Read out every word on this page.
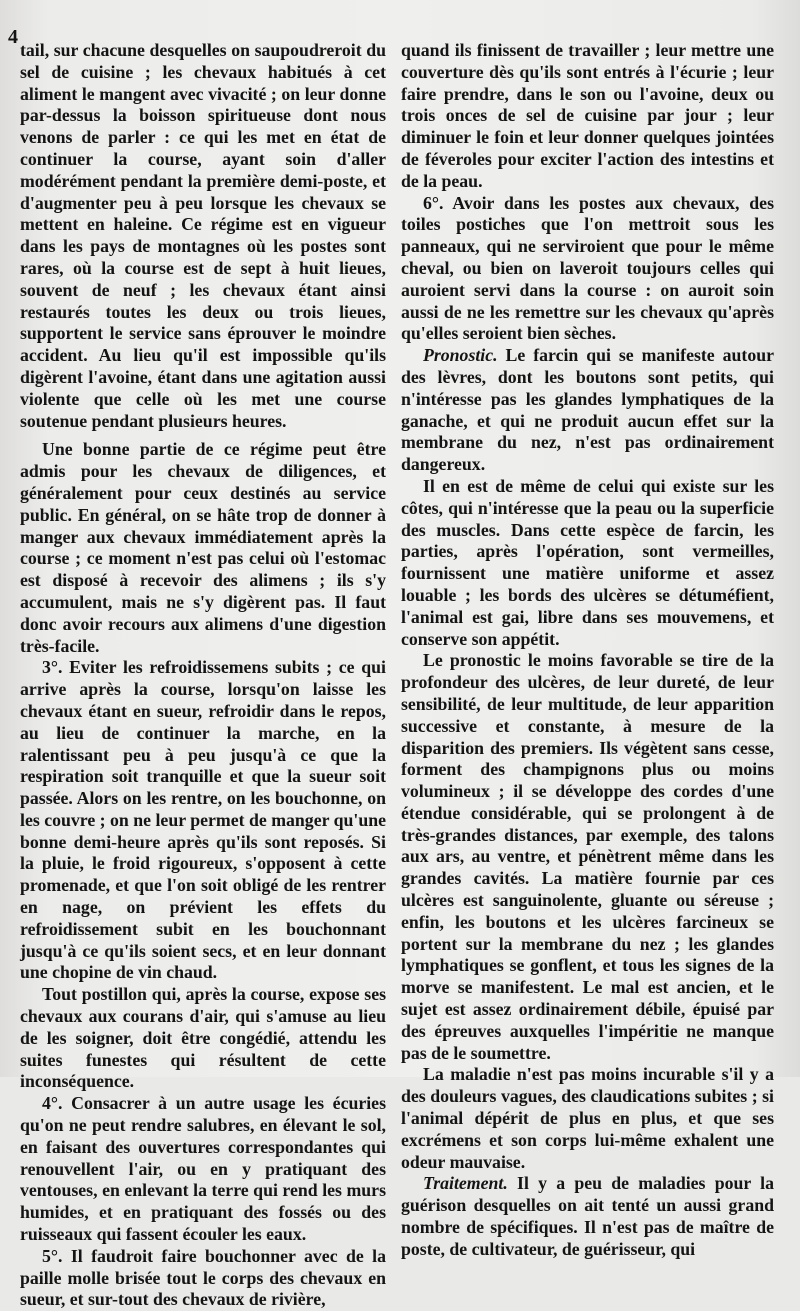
4

tail, sur chacune desquelles on saupoudreroit du sel de cuisine ; les chevaux habitués à cet aliment le mangent avec vivacité ; on leur donne par-dessus la boisson spiritueuse dont nous venons de parler : ce qui les met en état de continuer la course, ayant soin d'aller modérément pendant la première demi-poste, et d'augmenter peu à peu lorsque les chevaux se mettent en haleine. Ce régime est en vigueur dans les pays de montagnes où les postes sont rares, où la course est de sept à huit lieues, souvent de neuf ; les chevaux étant ainsi restaurés toutes les deux ou trois lieues, supportent le service sans éprouver le moindre accident. Au lieu qu'il est impossible qu'ils digèrent l'avoine, étant dans une agitation aussi violente que celle où les met une course soutenue pendant plusieurs heures.

Une bonne partie de ce régime peut être admis pour les chevaux de diligences, et généralement pour ceux destinés au service public. En général, on se hâte trop de donner à manger aux chevaux immédiatement après la course ; ce moment n'est pas celui où l'estomac est disposé à recevoir des alimens ; ils s'y accumulent, mais ne s'y digèrent pas. Il faut donc avoir recours aux alimens d'une digestion très-facile.

3°. Eviter les refroidissemens subits ; ce qui arrive après la course, lorsqu'on laisse les chevaux étant en sueur, refroidir dans le repos, au lieu de continuer la marche, en la ralentissant peu à peu jusqu'à ce que la respiration soit tranquille et que la sueur soit passée. Alors on les rentre, on les bouchonne, on les couvre ; on ne leur permet de manger qu'une bonne demi-heure après qu'ils sont reposés. Si la pluie, le froid rigoureux, s'opposent à cette promenade, et que l'on soit obligé de les rentrer en nage, on prévient les effets du refroidissement subit en les bouchonnant jusqu'à ce qu'ils soient secs, et en leur donnant une chopine de vin chaud.

Tout postillon qui, après la course, expose ses chevaux aux courans d'air, qui s'amuse au lieu de les soigner, doit être congédié, attendu les suites funestes qui résultent de cette inconséquence.

4°. Consacrer à un autre usage les écuries qu'on ne peut rendre salubres, en élevant le sol, en faisant des ouvertures correspondantes qui renouvellent l'air, ou en y pratiquant des ventouses, en enlevant la terre qui rend les murs humides, et en pratiquant des fossés ou des ruisseaux qui fassent écouler les eaux.

5°. Il faudroit faire bouchonner avec de la paille molle brisée tout le corps des chevaux en sueur, et sur-tout des chevaux de rivière,

quand ils finissent de travailler ; leur mettre une couverture dès qu'ils sont entrés à l'écurie ; leur faire prendre, dans le son ou l'avoine, deux ou trois onces de sel de cuisine par jour ; leur diminuer le foin et leur donner quelques jointées de féveroles pour exciter l'action des intestins et de la peau.

6°. Avoir dans les postes aux chevaux, des toiles postiches que l'on mettroit sous les panneaux, qui ne serviroient que pour le même cheval, ou bien on laveroit toujours celles qui auroient servi dans la course : on auroit soin aussi de ne les remettre sur les chevaux qu'après qu'elles seroient bien sèches.

Pronostic. Le farcin qui se manifeste autour des lèvres, dont les boutons sont petits, qui n'intéresse pas les glandes lymphatiques de la ganache, et qui ne produit aucun effet sur la membrane du nez, n'est pas ordinairement dangereux.

Il en est de même de celui qui existe sur les côtes, qui n'intéresse que la peau ou la superficie des muscles. Dans cette espèce de farcin, les parties, après l'opération, sont vermeilles, fournissent une matière uniforme et assez louable ; les bords des ulcères se détuméfient, l'animal est gai, libre dans ses mouvemens, et conserve son appétit.

Le pronostic le moins favorable se tire de la profondeur des ulcères, de leur dureté, de leur sensibilité, de leur multitude, de leur apparition successive et constante, à mesure de la disparition des premiers. Ils végètent sans cesse, forment des champignons plus ou moins volumineux ; il se développe des cordes d'une étendue considérable, qui se prolongent à de très-grandes distances, par exemple, des talons aux ars, au ventre, et pénètrent même dans les grandes cavités. La matière fournie par ces ulcères est sanguinolente, gluante ou séreuse ; enfin, les boutons et les ulcères farcineux se portent sur la membrane du nez ; les glandes lymphatiques se gonflent, et tous les signes de la morve se manifestent. Le mal est ancien, et le sujet est assez ordinairement débile, épuisé par des épreuves auxquelles l'impéritie ne manque pas de le soumettre.

La maladie n'est pas moins incurable s'il y a des douleurs vagues, des claudications subites ; si l'animal dépérit de plus en plus, et que ses excrémens et son corps lui-même exhalent une odeur mauvaise.

Traitement. Il y a peu de maladies pour la guérison desquelles on ait tenté un aussi grand nombre de spécifiques. Il n'est pas de maître de poste, de cultivateur, de guérisseur, qui
